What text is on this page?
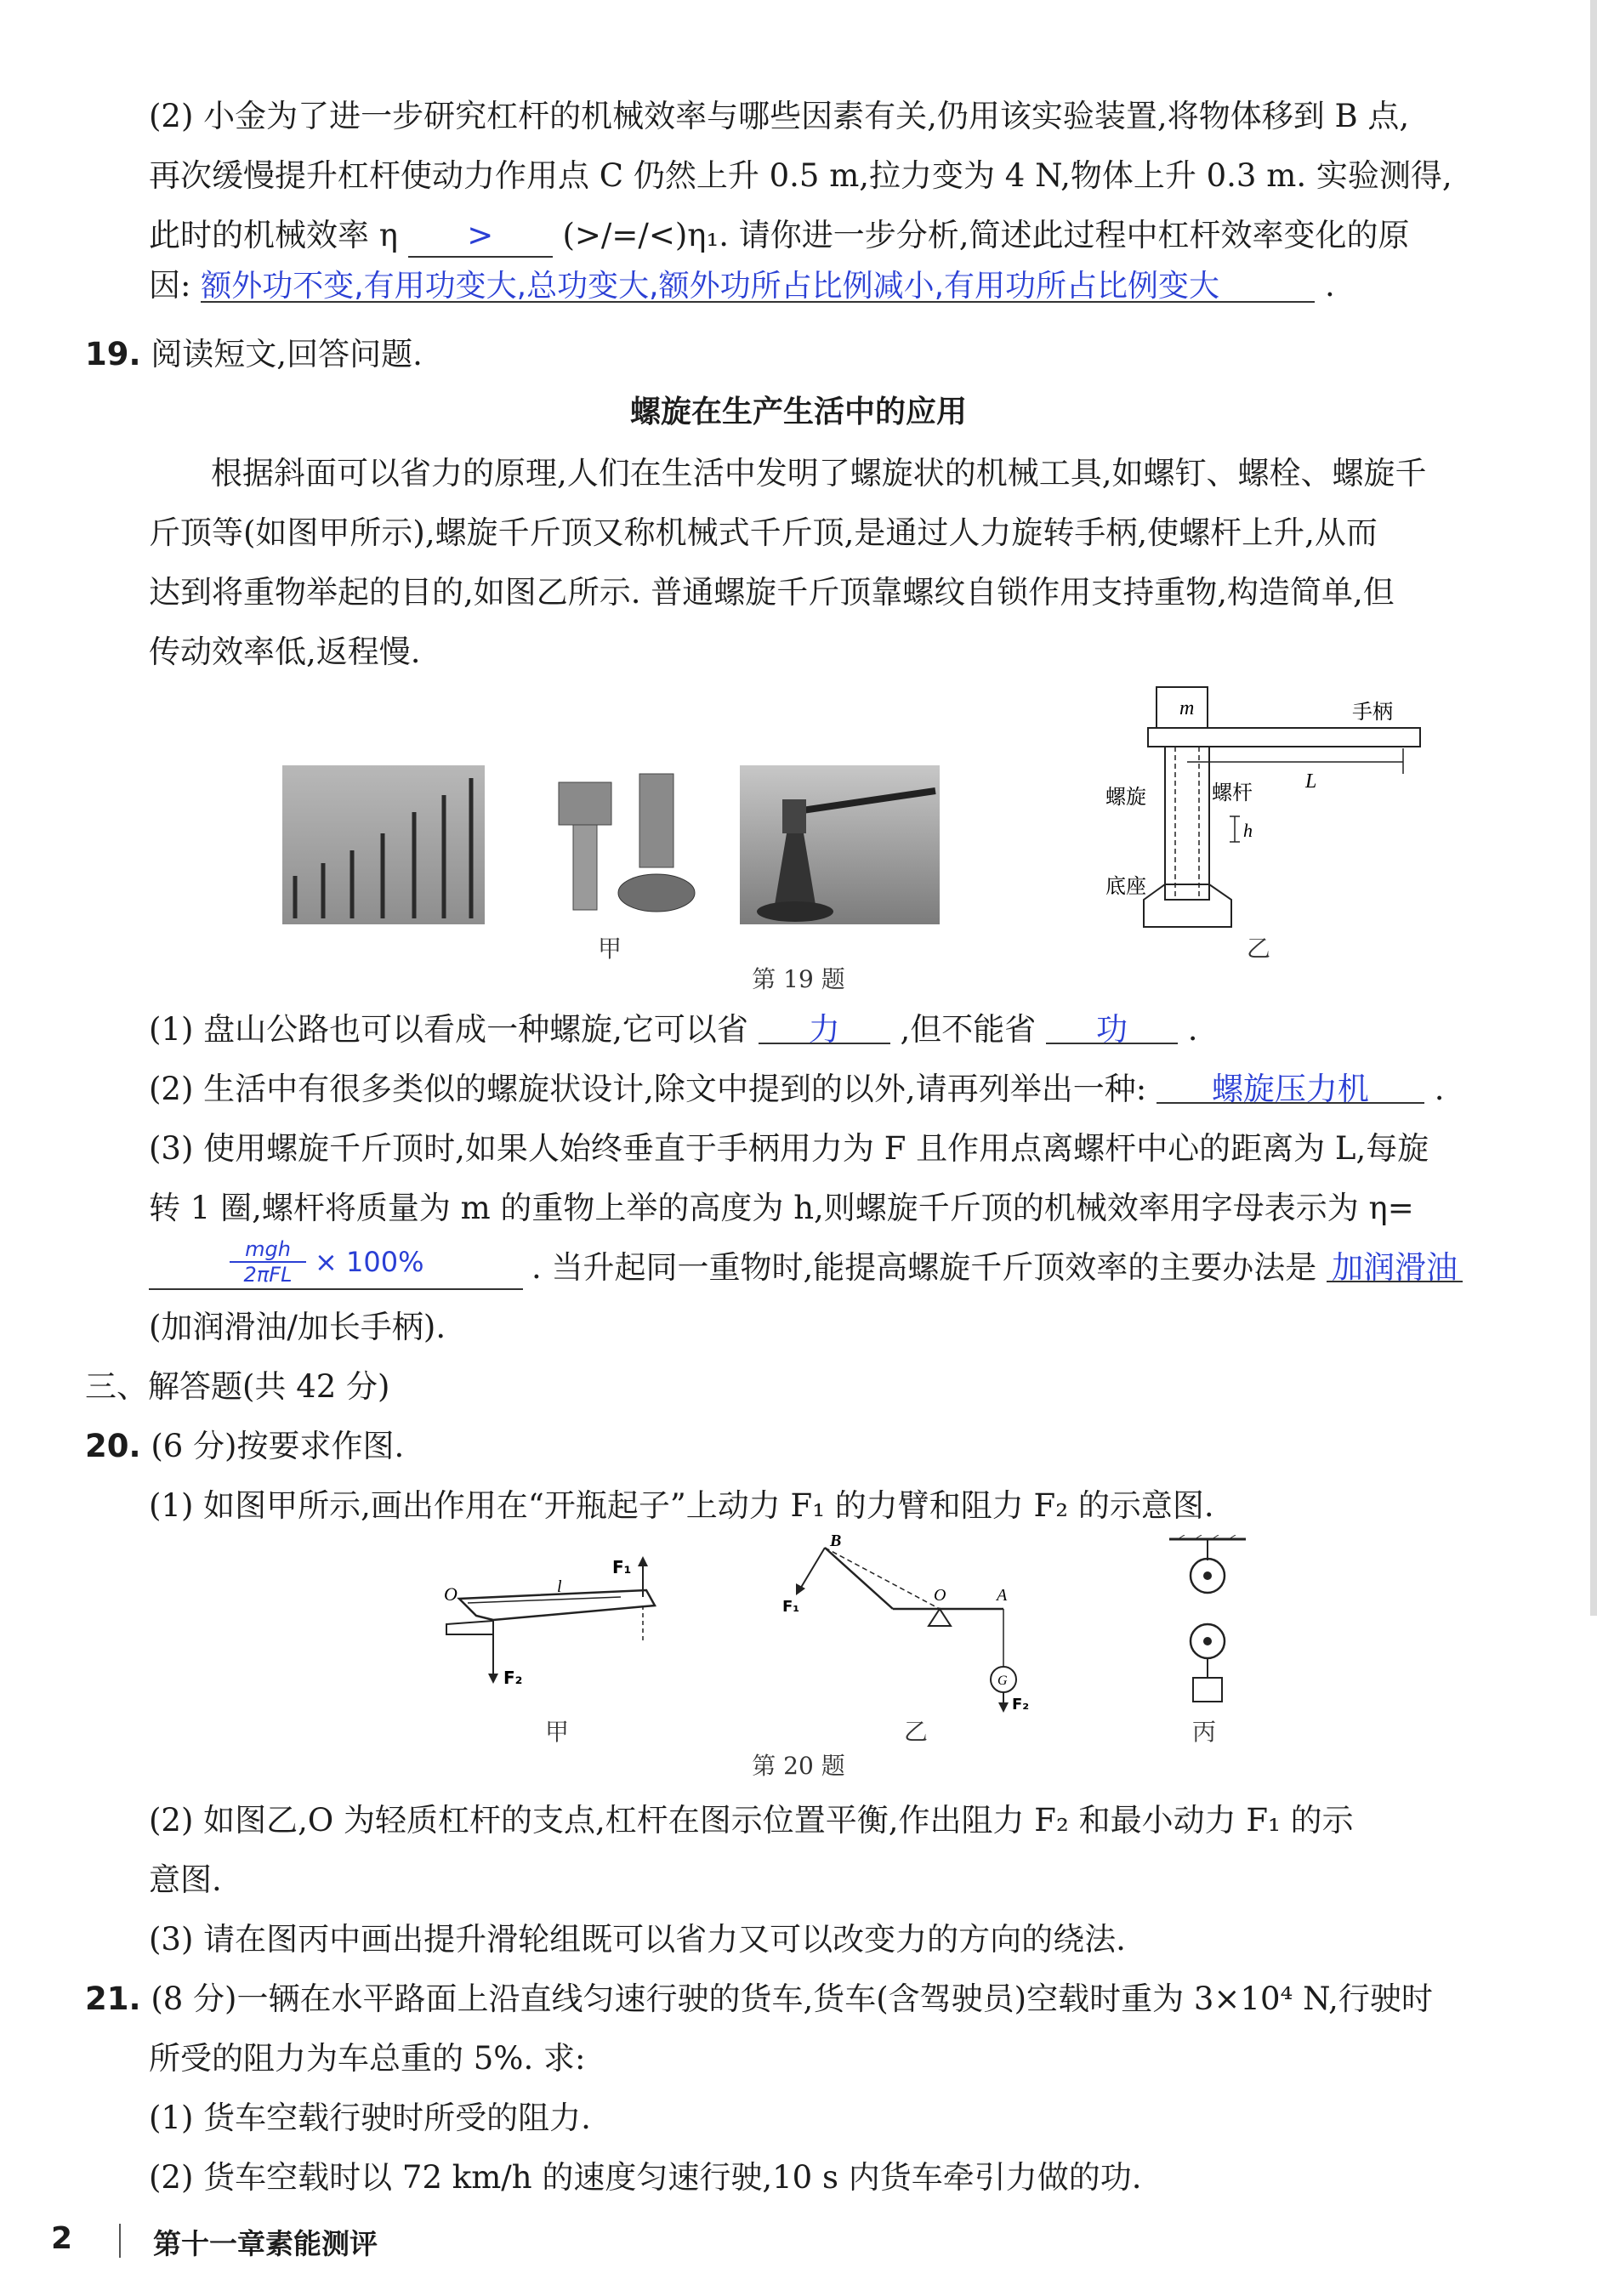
(2) 小金为了进一步研究杠杆的机械效率与哪些因素有关,仍用该实验装置,将物体移到 B 点,
再次缓慢提升杠杆使动力作用点 C 仍然上升 0.5 m,拉力变为 4 N,物体上升 0.3 m. 实验测得,
此时的机械效率 η > (>/=/<)η₁. 请你进一步分析,简述此过程中杠杆效率变化的原
因: 额外功不变,有用功变大,总功变大,额外功所占比例减小,有用功所占比例变大	.
19. 阅读短文,回答问题.
螺旋在生产生活中的应用
根据斜面可以省力的原理,人们在生活中发明了螺旋状的机械工具,如螺钉、螺栓、螺旋千
斤顶等(如图甲所示),螺旋千斤顶又称机械式千斤顶,是通过人力旋转手柄,使螺杆上升,从而
达到将重物举起的目的,如图乙所示. 普通螺旋千斤顶靠螺纹自锁作用支持重物,构造简单,但
传动效率低,返程慢.
甲
m	手柄
螺旋	螺杆	L
h
底座
乙
第 19 题
(1) 盘山公路也可以看成一种螺旋,它可以省 力 ,但不能省 功 .
(2) 生活中有很多类似的螺旋状设计,除文中提到的以外,请再列举出一种: 螺旋压力机 .
(3) 使用螺旋千斤顶时,如果人始终垂直于手柄用力为 F 且作用点离螺杆中心的距离为 L,每旋
转 1 圈,螺杆将质量为 m 的重物上举的高度为 h,则螺旋千斤顶的机械效率用字母表示为 η=
mgh
2πFL × 100%	. 当升起同一重物时,能提高螺旋千斤顶效率的主要办法是 加润滑油
(加润滑油/加长手柄).
三、解答题(共 42 分)
20. (6 分)按要求作图.
(1) 如图甲所示,画出作用在“开瓶起子”上动力 F₁ 的力臂和阻力 F₂ 的示意图.
O	l
F₁
F₂
甲
B
F₁
O	A
G
F₂
乙	丙
第 20 题
(2) 如图乙,O 为轻质杠杆的支点,杠杆在图示位置平衡,作出阻力 F₂ 和最小动力 F₁ 的示
意图.
(3) 请在图丙中画出提升滑轮组既可以省力又可以改变力的方向的绕法.
21. (8 分)一辆在水平路面上沿直线匀速行驶的货车,货车(含驾驶员)空载时重为 3×10⁴ N,行驶时
所受的阻力为车总重的 5%. 求:
(1) 货车空载行驶时所受的阻力.
(2) 货车空载时以 72 km/h 的速度匀速行驶,10 s 内货车牵引力做的功.
2	第十一章素能测评
